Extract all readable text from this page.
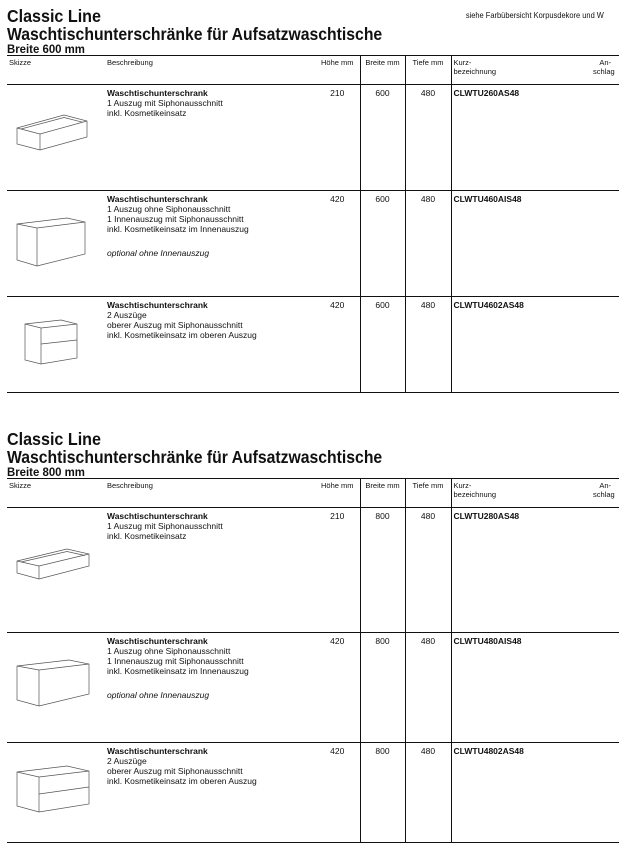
siehe Farbübersicht Korpusdekore und W
Classic Line
Waschtischunterschränke für Aufsatzwaschtische
Breite 600 mm
Skizze	Beschreibung	Höhe mm	Breite mm	Tiefe mm	Kurz-
bezeichnung	An-
schlag

Waschtischunterschrank
1 Auszug mit Siphonausschnitt
inkl. Kosmetikeinsatz	210	600	480	CLWTU260AS48	

Waschtischunterschrank
1 Auszug ohne Siphonausschnitt
1 Innenauszug mit Siphonausschnitt
inkl. Kosmetikeinsatz im Innenauszug
optional ohne Innenauszug	420	600	480	CLWTU460AIS48	

Waschtischunterschrank
2 Auszüge
oberer Auszug mit Siphonausschnitt
inkl. Kosmetikeinsatz im oberen Auszug	420	600	480	CLWTU4602AS48	
Classic Line
Waschtischunterschränke für Aufsatzwaschtische
Breite 800 mm
Skizze	Beschreibung	Höhe mm	Breite mm	Tiefe mm	Kurz-
bezeichnung	An-
schlag

Waschtischunterschrank
1 Auszug mit Siphonausschnitt
inkl. Kosmetikeinsatz	210	800	480	CLWTU280AS48	

Waschtischunterschrank
1 Auszug ohne Siphonausschnitt
1 Innenauszug mit Siphonausschnitt
inkl. Kosmetikeinsatz im Innenauszug
optional ohne Innenauszug	420	800	480	CLWTU480AIS48	

Waschtischunterschrank
2 Auszüge
oberer Auszug mit Siphonausschnitt
inkl. Kosmetikeinsatz im oberen Auszug	420	800	480	CLWTU4802AS48	
